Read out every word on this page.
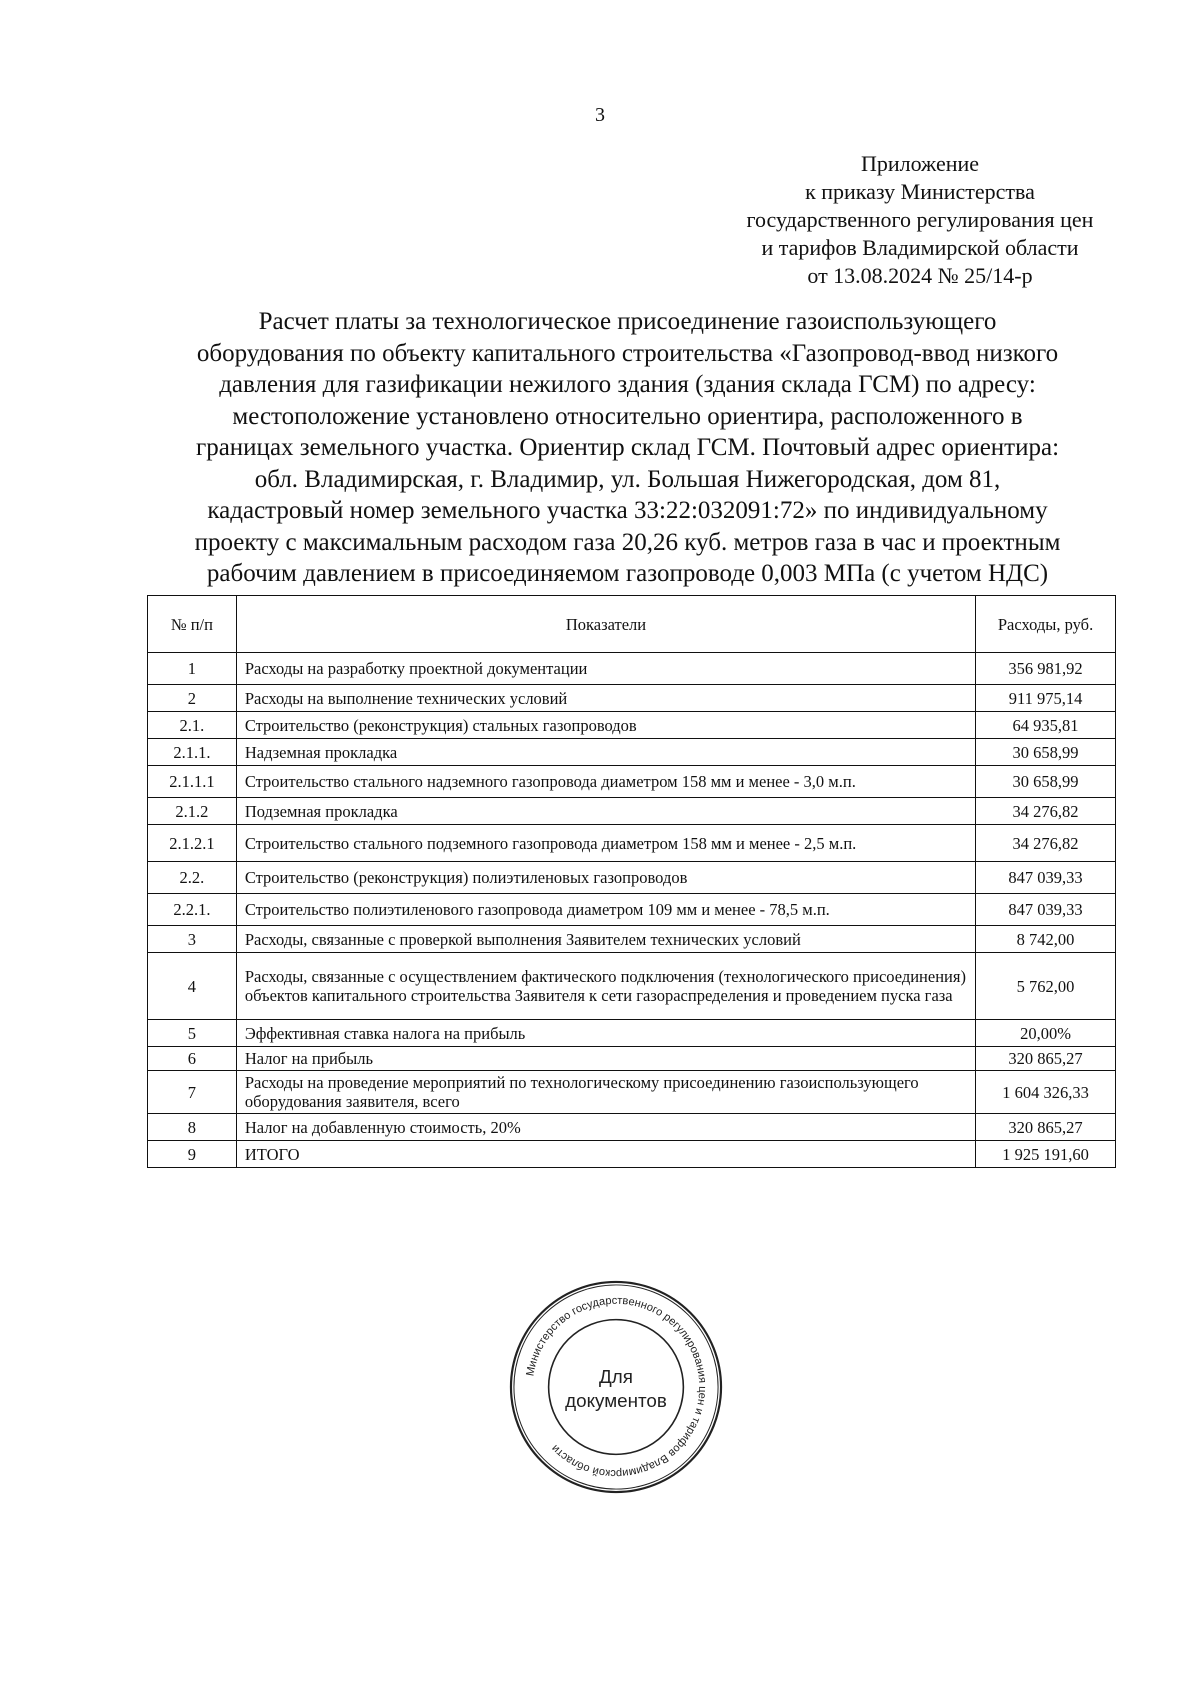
3
Приложение
к приказу Министерства
государственного регулирования цен
и тарифов Владимирской области
от 13.08.2024 № 25/14-р
Расчет платы за технологическое присоединение газоиспользующего
оборудования по объекту капитального строительства «Газопровод-ввод низкого
давления для газификации нежилого здания (здания склада ГСМ) по адресу:
местоположение установлено относительно ориентира, расположенного в
границах земельного участка. Ориентир склад ГСМ. Почтовый адрес ориентира:
обл. Владимирская, г. Владимир, ул. Большая Нижегородская, дом 81,
кадастровый номер земельного участка 33:22:032091:72» по индивидуальному
проекту с максимальным расходом газа 20,26 куб. метров газа в час и проектным
рабочим давлением в присоединяемом газопроводе 0,003 МПа (с учетом НДС)
№ п/п	Показатели	Расходы, руб.
1	Расходы на разработку проектной документации	356 981,92
2	Расходы на выполнение технических условий	911 975,14
2.1.	Строительство (реконструкция) стальных газопроводов	64 935,81
2.1.1.	Надземная прокладка	30 658,99
2.1.1.1	Строительство стального надземного газопровода диаметром 158 мм и менее - 3,0 м.п.	30 658,99
2.1.2	Подземная прокладка	34 276,82
2.1.2.1	Строительство стального подземного газопровода диаметром 158 мм и менее - 2,5 м.п.	34 276,82
2.2.	Строительство (реконструкция) полиэтиленовых газопроводов	847 039,33
2.2.1.	Строительство полиэтиленового газопровода диаметром 109 мм и менее - 78,5 м.п.	847 039,33
3	Расходы, связанные с проверкой выполнения Заявителем технических условий	8 742,00
4	Расходы, связанные с осуществлением фактического подключения (технологического присоединения) объектов капитального строительства Заявителя к сети газораспределения и проведением пуска газа	5 762,00
5	Эффективная ставка налога на прибыль	20,00%
6	Налог на прибыль	320 865,27
7	Расходы на проведение мероприятий по технологическому присоединению газоиспользующего оборудования заявителя, всего	1 604 326,33
8	Налог на добавленную стоимость, 20%	320 865,27
9	ИТОГО	1 925 191,60
Министерство государственного регулирования цен и тарифов Владимирской области
Для
документов
